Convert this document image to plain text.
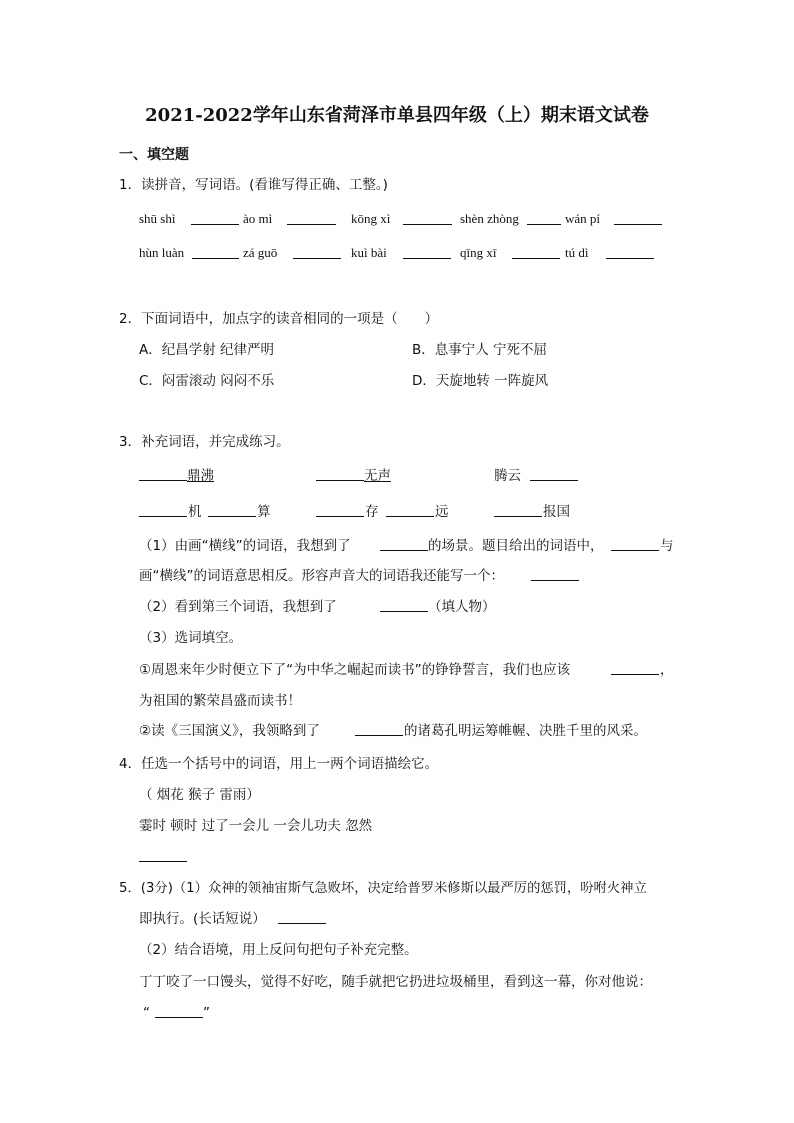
2021-2022学年山东省菏泽市单县四年级（上）期末语文试卷
一、填空题
1．读拼音，写词语。(看谁写得正确、工整。)
shū shì	ào mì	kōng xì	shèn zhòng	wán pí
hùn luàn	zá guō	kuì bài	qīng xī	tú dì
2．下面词语中，加点字的读音相同的一项是（　　）
A．纪昌学射 纪律严明	B．息事宁人 宁死不屈
C．闷雷滚动 闷闷不乐	D．天旋地转 一阵旋风
3．补充词语，并完成练习。
鼎沸	无声	腾云
机	算	存	远	报国
（1）由画“横线”的词语，我想到了	的场景。题目给出的词语中，	与
画“横线”的词语意思相反。形容声音大的词语我还能写一个：
（2）看到第三个词语，我想到了	（填人物）
（3）选词填空。
①周恩来年少时便立下了“为中华之崛起而读书”的铮铮誓言，我们也应该	，
为祖国的繁荣昌盛而读书！
②读《三国演义》，我领略到了	的诸葛孔明运筹帷幄、决胜千里的风采。
4．任选一个括号中的词语，用上一两个词语描绘它。
（ 烟花 猴子 雷雨）
霎时 顿时 过了一会儿 一会儿功夫 忽然
5．(3分)（1）众神的领袖宙斯气急败坏，决定给普罗米修斯以最严厉的惩罚，吩咐火神立
即执行。(长话短说）
（2）结合语境，用上反问句把句子补充完整。
丁丁咬了一口馒头，觉得不好吃，随手就把它扔进垃圾桶里，看到这一幕，你对他说：
“	”
